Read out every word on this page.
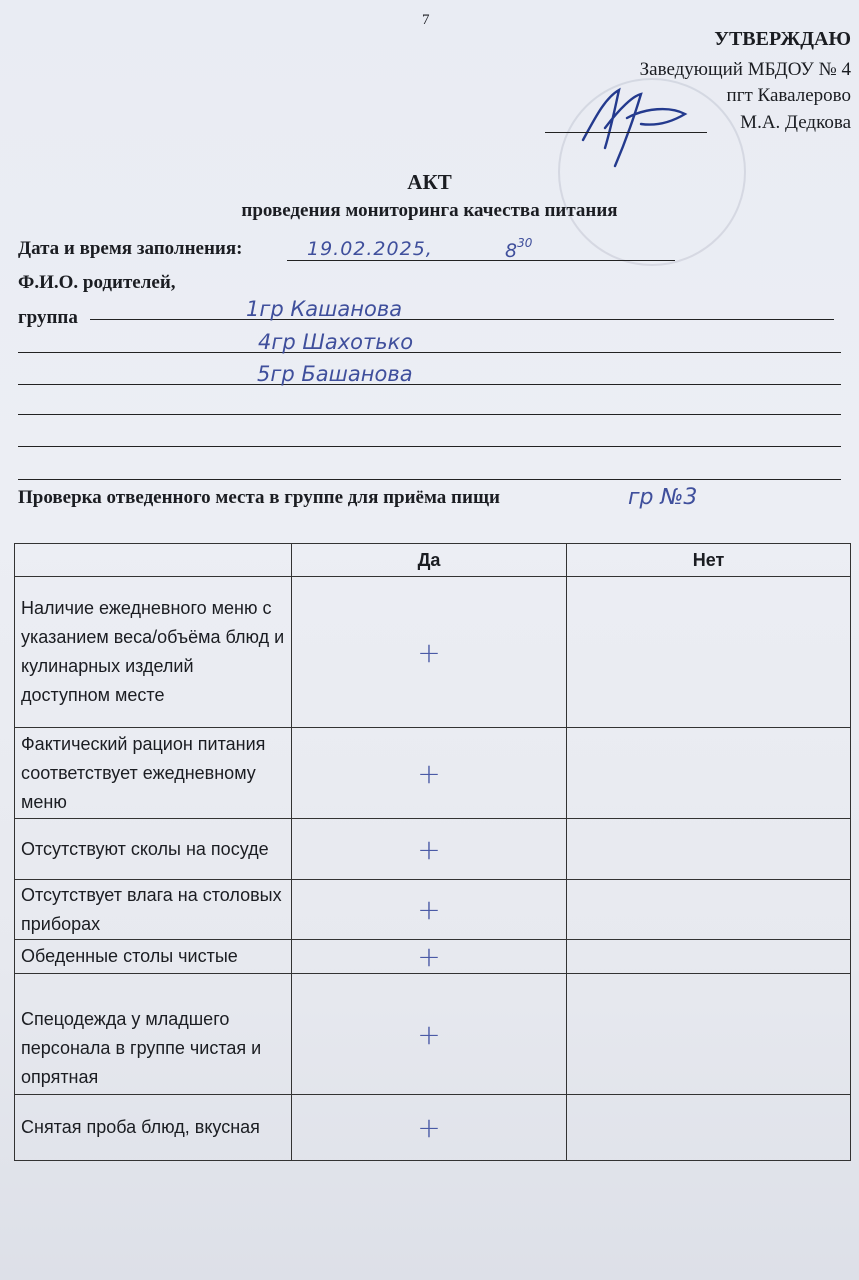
7
УТВЕРЖДАЮ
Заведующий МБДОУ № 4
пгт Кавалерово
М.А. Дедкова
АКТ
проведения мониторинга качества питания
Дата и время заполнения:	19.02.2025,	$8^{30}$
Ф.И.О. родителей,
группа	1гр Кашанова
4гр Шахотько
5гр Башанова
Проверка отведенного места в группе для приёма пищи	гр №3
	Да	Нет
Наличие ежедневного меню с указанием веса/объёма блюд и кулинарных изделий доступном месте	+	
Фактический рацион питания соответствует ежедневному меню	+	
Отсутствуют сколы на посуде	+	
Отсутствует влага на столовых приборах	+	
Обеденные столы чистые	+	
Спецодежда у младшего персонала в группе чистая и опрятная	+	
Снятая проба блюд, вкусная	+	
